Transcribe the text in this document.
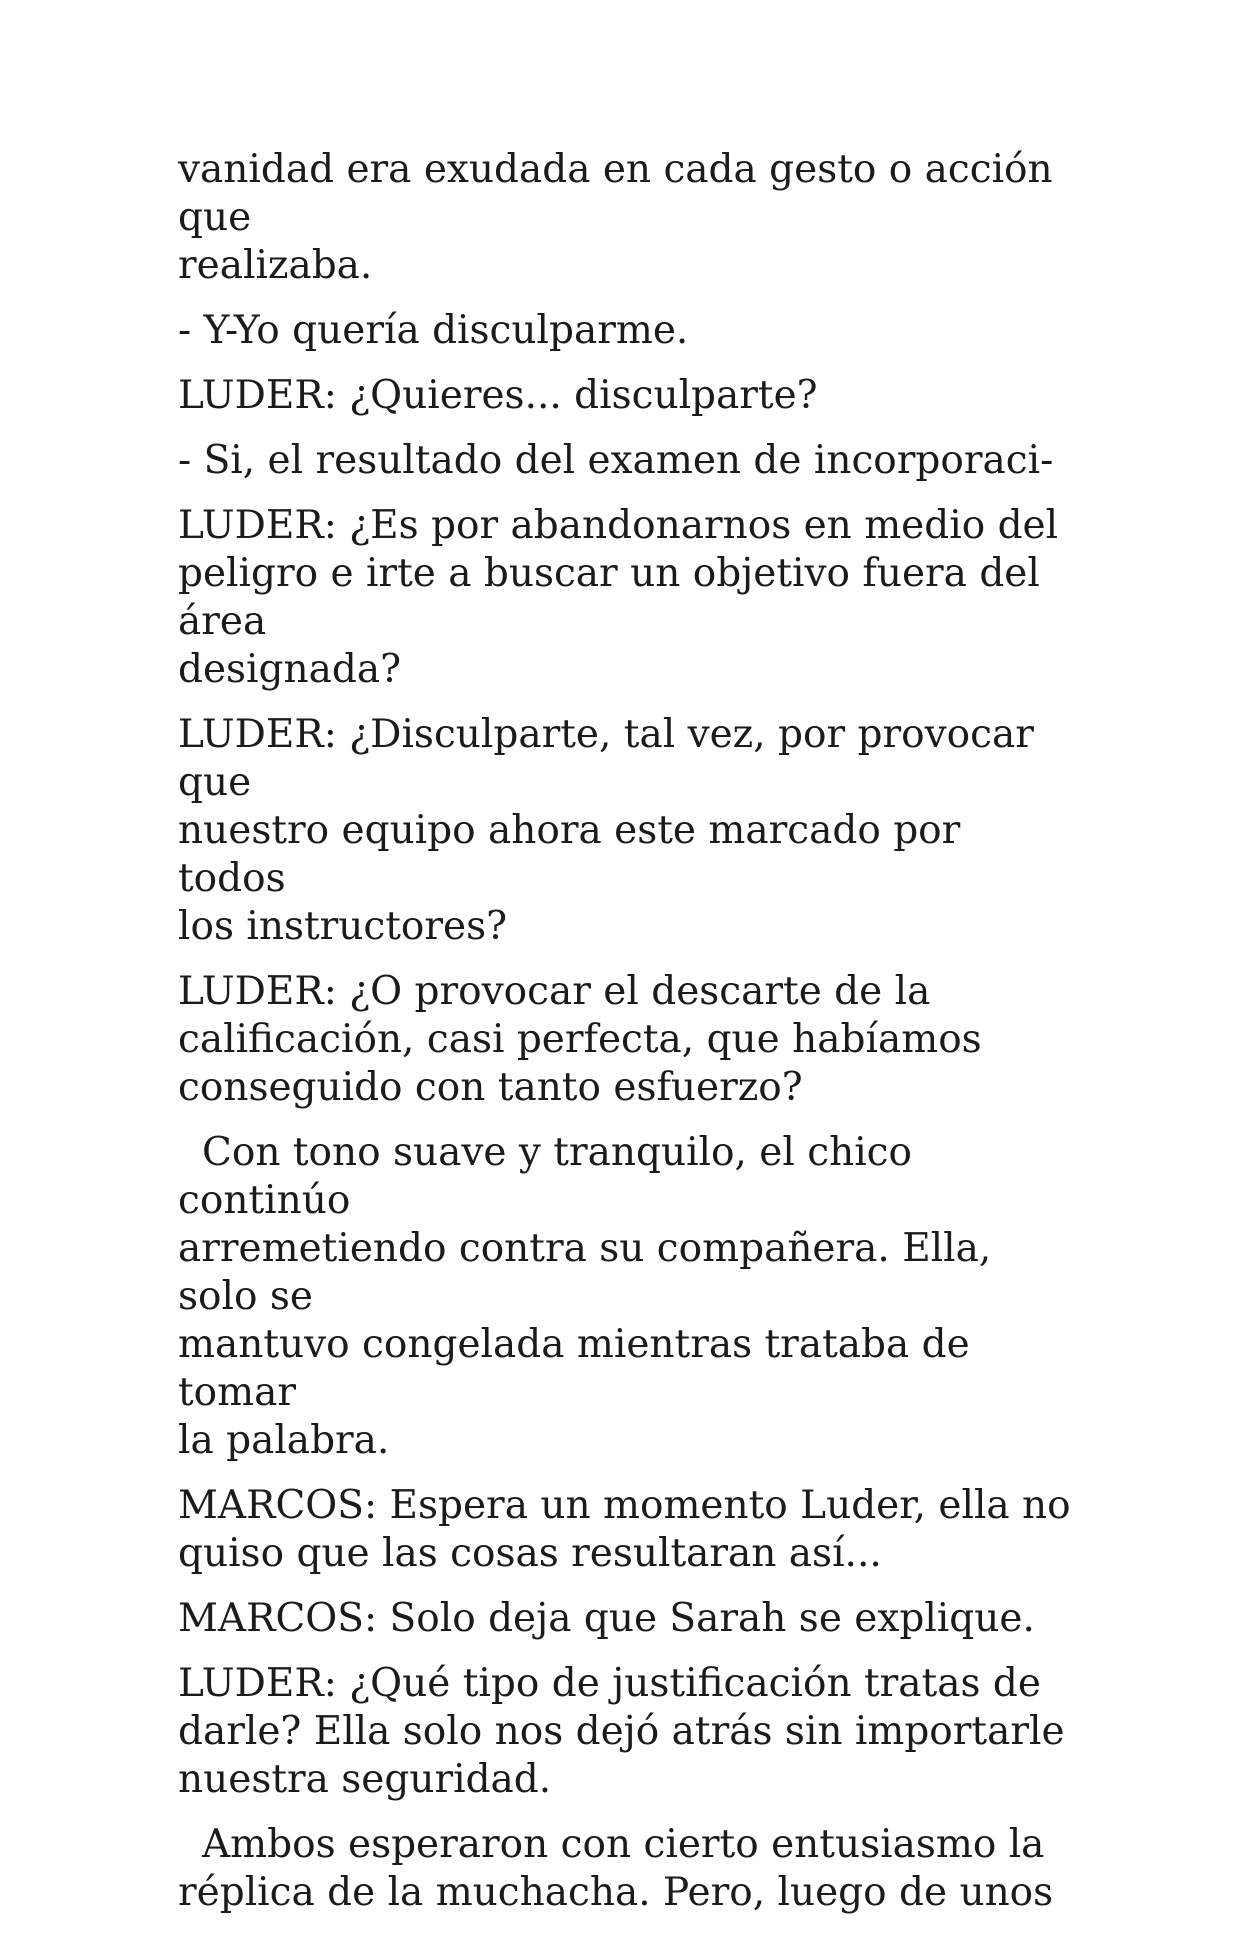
vanidad era exudada en cada gesto o acción que
realizaba.

- Y-Yo quería disculparme.

LUDER: ¿Quieres... disculparte?

- Si, el resultado del examen de incorporaci-

LUDER: ¿Es por abandonarnos en medio del
peligro e irte a buscar un objetivo fuera del área
designada?

LUDER: ¿Disculparte, tal vez, por provocar que
nuestro equipo ahora este marcado por todos
los instructores?

LUDER: ¿O provocar el descarte de la
calificación, casi perfecta, que habíamos
conseguido con tanto esfuerzo?

Con tono suave y tranquilo, el chico continúo
arremetiendo contra su compañera. Ella, solo se
mantuvo congelada mientras trataba de tomar
la palabra.

MARCOS: Espera un momento Luder, ella no
quiso que las cosas resultaran así...

MARCOS: Solo deja que Sarah se explique.

LUDER: ¿Qué tipo de justificación tratas de
darle? Ella solo nos dejó atrás sin importarle
nuestra seguridad.

Ambos esperaron con cierto entusiasmo la
réplica de la muchacha. Pero, luego de unos
